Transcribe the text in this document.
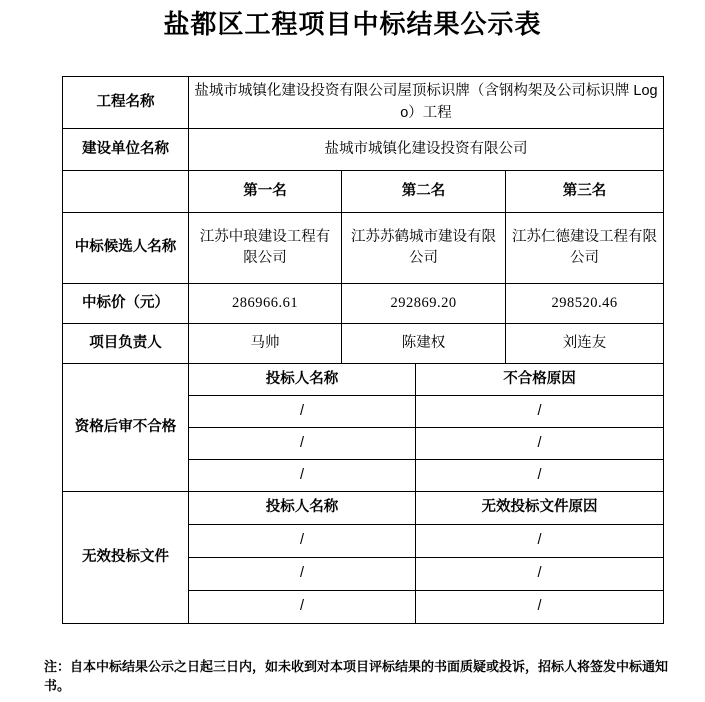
盐都区工程项目中标结果公示表
工程名称	盐城市城镇化建设投资有限公司屋顶标识牌（含钢构架及公司标识牌 Logo）工程			
建设单位名称	盐城市城镇化建设投资有限公司			
	第一名	第二名		第三名
中标候选人名称	江苏中琅建设工程有限公司	江苏苏鹤城市建设有限公司		江苏仁德建设工程有限公司
中标价（元）	286966.61	292869.20		298520.46
项目负责人	马帅	陈建权		刘连友
资格后审不合格	投标人名称		不合格原因	
	/		/	
	/		/	
	/		/	
无效投标文件	投标人名称		无效投标文件原因	
	/		/	
	/		/	
	/		/	

注：自本中标结果公示之日起三日内，如未收到对本项目评标结果的书面质疑或投诉，招标人将签发中标通知书。
